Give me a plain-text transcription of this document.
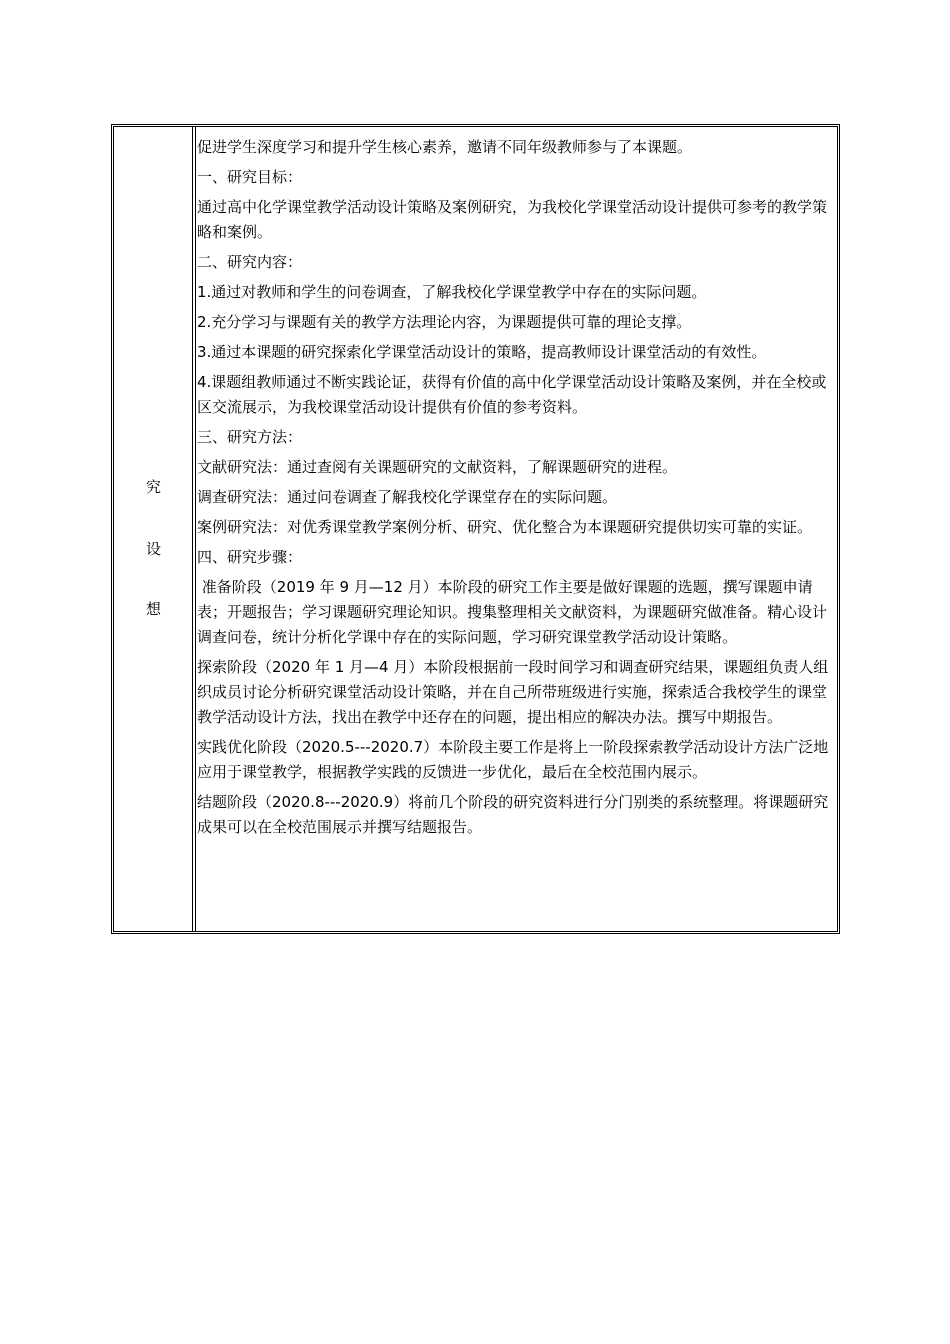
究
设
想

促进学生深度学习和提升学生核心素养，邀请不同年级教师参与了本课题。

一、研究目标：

通过高中化学课堂教学活动设计策略及案例研究，为我校化学课堂活动设计提供可参考的教学策略和案例。

二、研究内容：

1.通过对教师和学生的问卷调查，了解我校化学课堂教学中存在的实际问题。

2.充分学习与课题有关的教学方法理论内容，为课题提供可靠的理论支撑。

3.通过本课题的研究探索化学课堂活动设计的策略，提高教师设计课堂活动的有效性。

4.课题组教师通过不断实践论证，获得有价值的高中化学课堂活动设计策略及案例，并在全校或区交流展示，为我校课堂活动设计提供有价值的参考资料。

三、研究方法：

文献研究法：通过查阅有关课题研究的文献资料，了解课题研究的进程。

调查研究法：通过问卷调查了解我校化学课堂存在的实际问题。

案例研究法：对优秀课堂教学案例分析、研究、优化整合为本课题研究提供切实可靠的实证。

四、研究步骤：

准备阶段（2019 年 9 月—12 月）本阶段的研究工作主要是做好课题的选题，撰写课题申请表；开题报告；学习课题研究理论知识。搜集整理相关文献资料，为课题研究做准备。精心设计调查问卷，统计分析化学课中存在的实际问题，学习研究课堂教学活动设计策略。

探索阶段（2020 年 1 月—4 月）本阶段根据前一段时间学习和调查研究结果，课题组负责人组织成员讨论分析研究课堂活动设计策略，并在自己所带班级进行实施，探索适合我校学生的课堂教学活动设计方法，找出在教学中还存在的问题，提出相应的解决办法。撰写中期报告。

实践优化阶段（2020.5---2020.7）本阶段主要工作是将上一阶段探索教学活动设计方法广泛地应用于课堂教学，根据教学实践的反馈进一步优化，最后在全校范围内展示。

结题阶段（2020.8---2020.9）将前几个阶段的研究资料进行分门别类的系统整理。将课题研究成果可以在全校范围展示并撰写结题报告。
